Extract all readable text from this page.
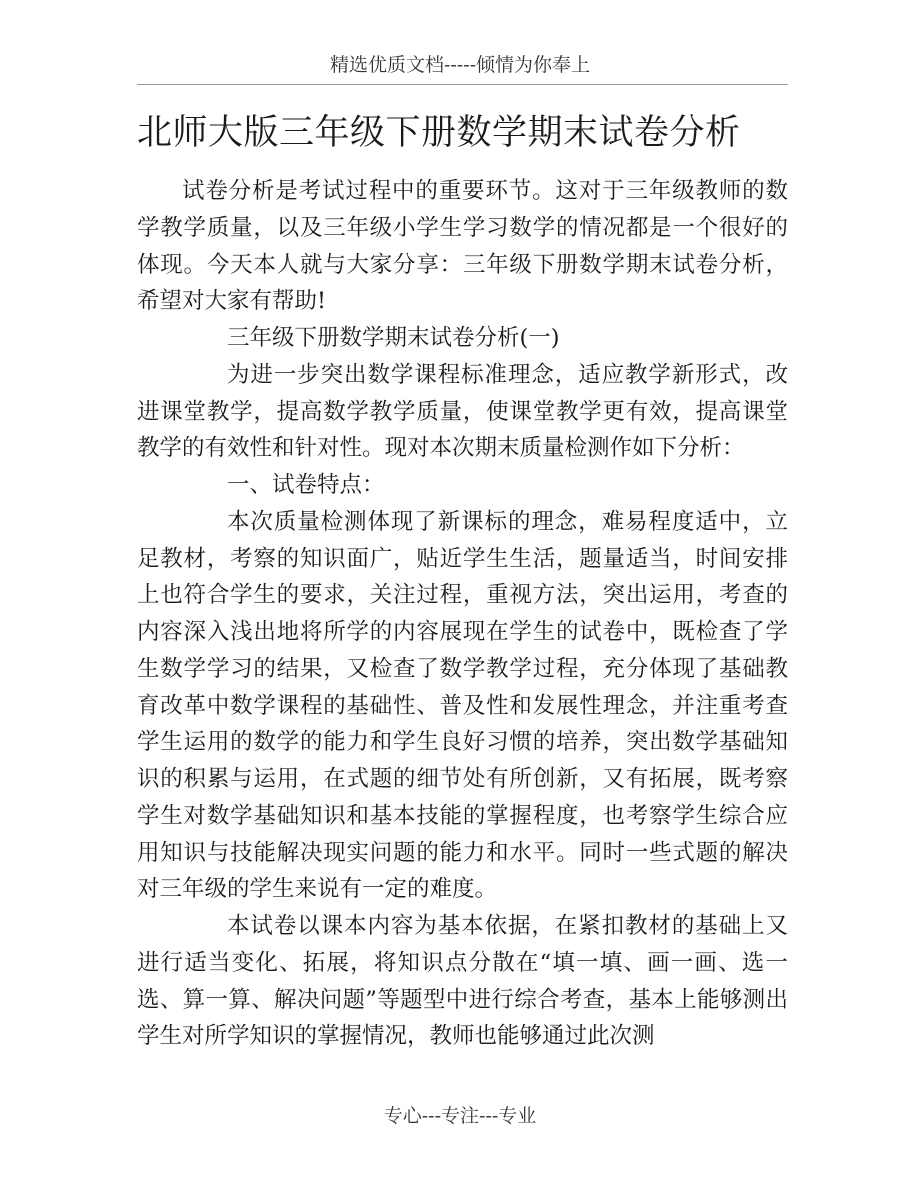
精选优质文档-----倾情为你奉上
北师大版三年级下册数学期末试卷分析

试卷分析是考试过程中的重要环节。这对于三年级教师的数学教学质量，以及三年级小学生学习数学的情况都是一个很好的体现。今天本人就与大家分享：三年级下册数学期末试卷分析，希望对大家有帮助!

三年级下册数学期末试卷分析(一)

为进一步突出数学课程标准理念，适应教学新形式，改进课堂教学，提高数学教学质量，使课堂教学更有效，提高课堂教学的有效性和针对性。现对本次期末质量检测作如下分析：

一、试卷特点：

本次质量检测体现了新课标的理念，难易程度适中，立足教材，考察的知识面广，贴近学生生活，题量适当，时间安排上也符合学生的要求，关注过程，重视方法，突出运用，考查的内容深入浅出地将所学的内容展现在学生的试卷中，既检查了学生数学学习的结果，又检查了数学教学过程，充分体现了基础教育改革中数学课程的基础性、普及性和发展性理念，并注重考查学生运用的数学的能力和学生良好习惯的培养，突出数学基础知识的积累与运用，在式题的细节处有所创新，又有拓展，既考察学生对数学基础知识和基本技能的掌握程度，也考察学生综合应用知识与技能解决现实问题的能力和水平。同时一些式题的解决对三年级的学生来说有一定的难度。

本试卷以课本内容为基本依据，在紧扣教材的基础上又进行适当变化、拓展，将知识点分散在“填一填、画一画、选一选、算一算、解决问题”等题型中进行综合考查，基本上能够测出学生对所学知识的掌握情况，教师也能够通过此次测

专心---专注---专业
